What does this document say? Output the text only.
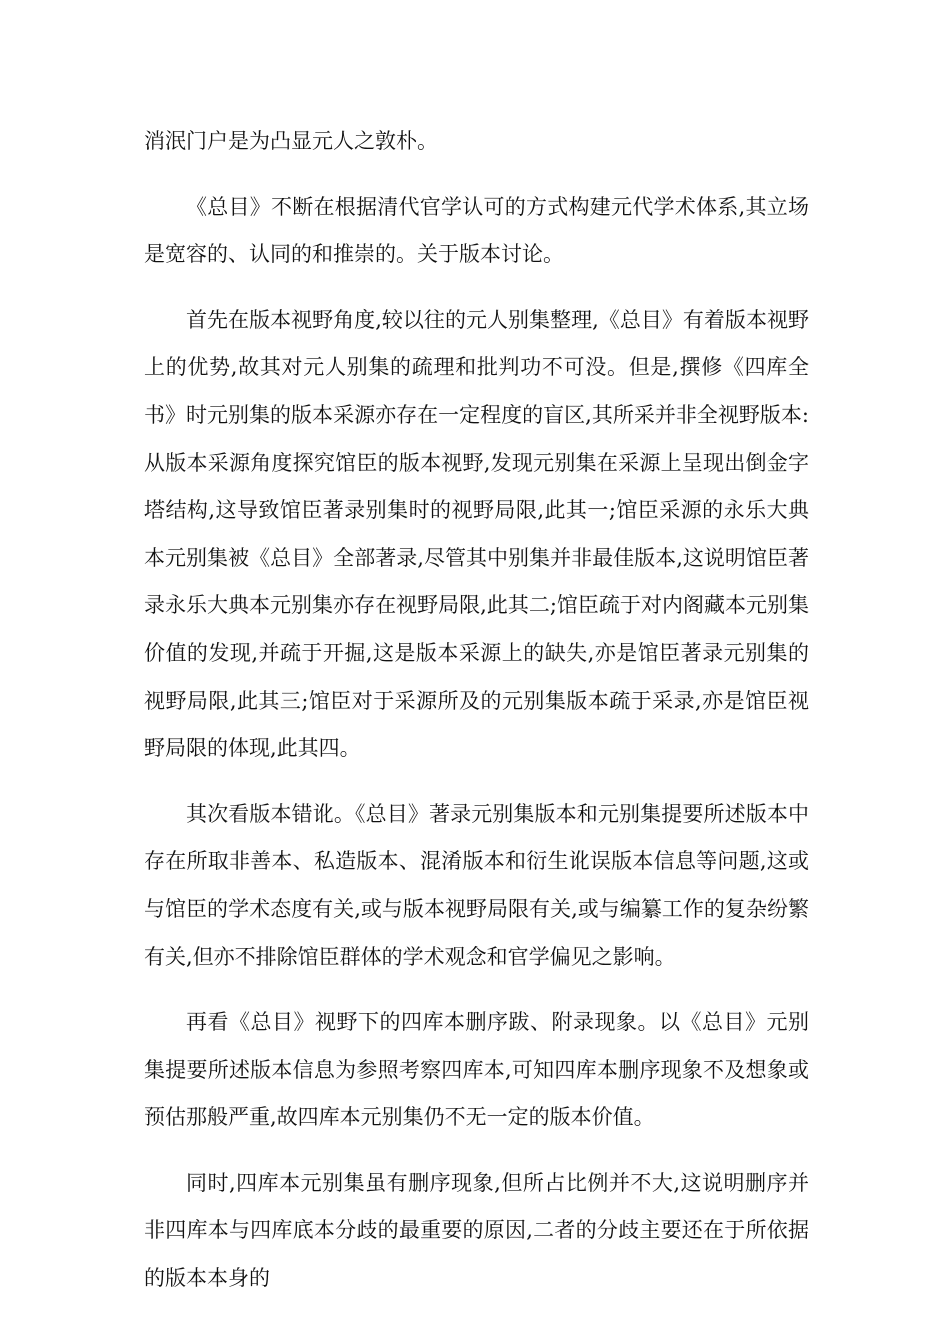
消泯门户是为凸显元人之敦朴。

《总目》不断在根据清代官学认可的方式构建元代学术体系,其立场是宽容的、认同的和推崇的。关于版本讨论。

首先在版本视野角度,较以往的元人别集整理,《总目》有着版本视野上的优势,故其对元人别集的疏理和批判功不可没。但是,撰修《四库全书》时元别集的版本采源亦存在一定程度的盲区,其所采并非全视野版本:从版本采源角度探究馆臣的版本视野,发现元别集在采源上呈现出倒金字塔结构,这导致馆臣著录别集时的视野局限,此其一;馆臣采源的永乐大典本元别集被《总目》全部著录,尽管其中别集并非最佳版本,这说明馆臣著录永乐大典本元别集亦存在视野局限,此其二;馆臣疏于对内阁藏本元别集价值的发现,并疏于开掘,这是版本采源上的缺失,亦是馆臣著录元别集的视野局限,此其三;馆臣对于采源所及的元别集版本疏于采录,亦是馆臣视野局限的体现,此其四。

其次看版本错讹。《总目》著录元别集版本和元别集提要所述版本中存在所取非善本、私造版本、混淆版本和衍生讹误版本信息等问题,这或与馆臣的学术态度有关,或与版本视野局限有关,或与编纂工作的复杂纷繁有关,但亦不排除馆臣群体的学术观念和官学偏见之影响。

再看《总目》视野下的四库本删序跋、附录现象。以《总目》元别集提要所述版本信息为参照考察四库本,可知四库本删序现象不及想象或预估那般严重,故四库本元别集仍不无一定的版本价值。

同时,四库本元别集虽有删序现象,但所占比例并不大,这说明删序并非四库本与四库底本分歧的最重要的原因,二者的分歧主要还在于所依据的版本本身的
